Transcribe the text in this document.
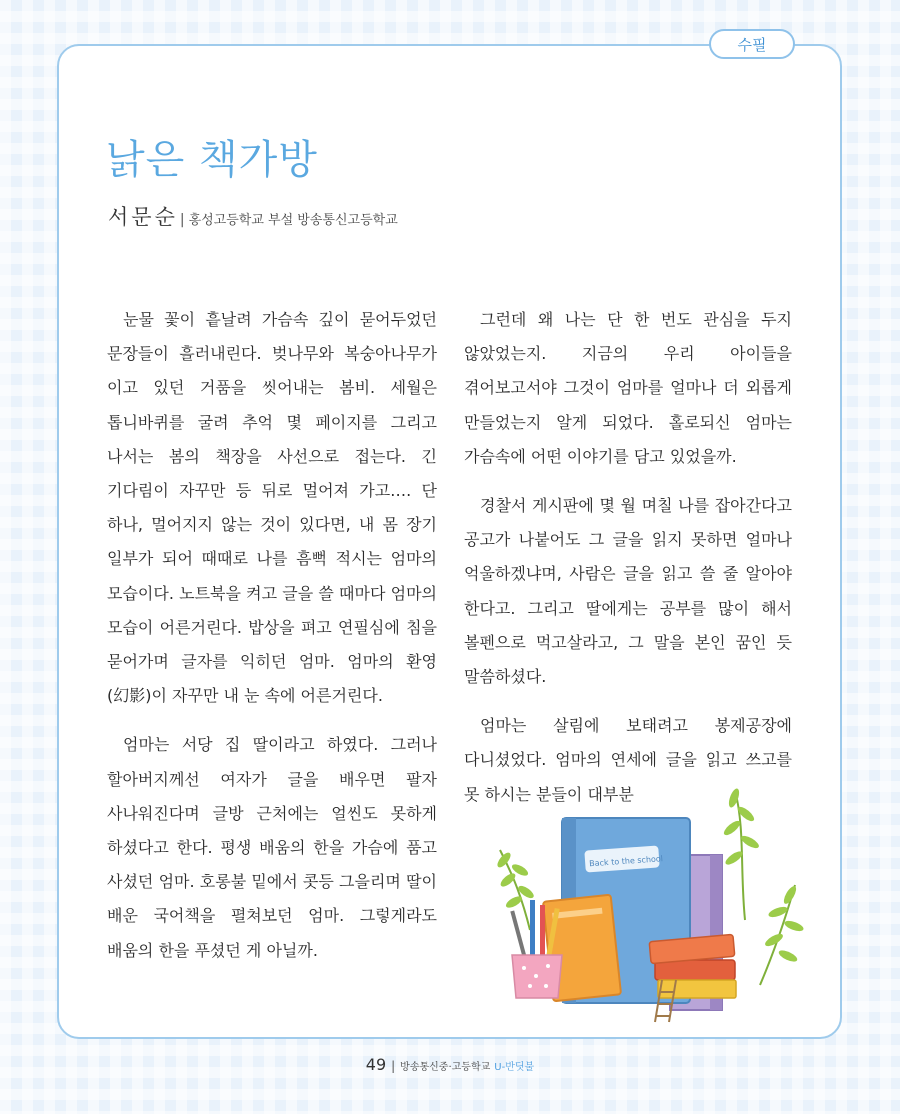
수필
낡은 책가방
서문순 | 홍성고등학교 부설 방송통신고등학교

눈물 꽃이 흩날려 가슴속 깊이 묻어두었던 문장들이 흘러내린다. 벚나무와 복숭아나무가 이고 있던 거품을 씻어내는 봄비. 세월은 톱니바퀴를 굴려 추억 몇 페이지를 그리고 나서는 봄의 책장을 사선으로 접는다. 긴 기다림이 자꾸만 등 뒤로 멀어져 가고…. 단 하나, 멀어지지 않는 것이 있다면, 내 몸 장기 일부가 되어 때때로 나를 흠뻑 적시는 엄마의 모습이다. 노트북을 켜고 글을 쓸 때마다 엄마의 모습이 어른거린다. 밥상을 펴고 연필심에 침을 묻어가며 글자를 익히던 엄마. 엄마의 환영(幻影)이 자꾸만 내 눈 속에 어른거린다.

엄마는 서당 집 딸이라고 하였다. 그러나 할아버지께선 여자가 글을 배우면 팔자 사나워진다며 글방 근처에는 얼씬도 못하게 하셨다고 한다. 평생 배움의 한을 가슴에 품고 사셨던 엄마. 호롱불 밑에서 콧등 그을리며 딸이 배운 국어책을 펼쳐보던 엄마. 그렇게라도 배움의 한을 푸셨던 게 아닐까.

그런데 왜 나는 단 한 번도 관심을 두지 않았었는지. 지금의 우리 아이들을 겪어보고서야 그것이 엄마를 얼마나 더 외롭게 만들었는지 알게 되었다. 홀로되신 엄마는 가슴속에 어떤 이야기를 담고 있었을까.

경찰서 게시판에 몇 월 며칠 나를 잡아간다고 공고가 나붙어도 그 글을 읽지 못하면 얼마나 억울하겠냐며, 사람은 글을 읽고 쓸 줄 알아야 한다고. 그리고 딸에게는 공부를 많이 해서 볼펜으로 먹고살라고, 그 말을 본인 꿈인 듯 말씀하셨다.

엄마는 살림에 보태려고 봉제공장에 다니셨었다. 엄마의 연세에 글을 읽고 쓰고를 못 하시는 분들이 대부분

Back to the school
49 | 방송통신중·고등학교 U-반딧불
